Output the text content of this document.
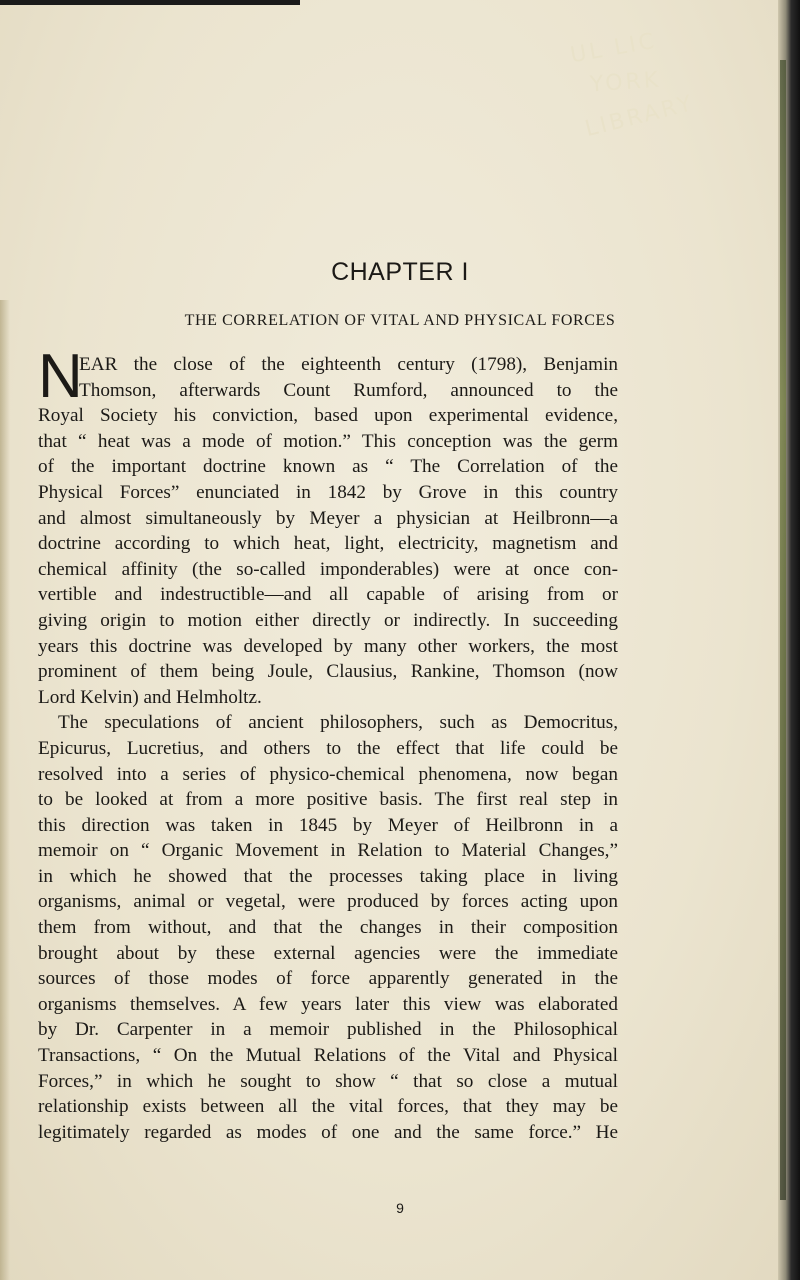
UL LIC
YORK
LIBRARY
CHAPTER I
THE CORRELATION OF VITAL AND PHYSICAL FORCES
N
EAR the close of the eighteenth century (1798), Benjamin
Thomson, afterwards Count Rumford, announced to the
Royal Society his conviction, based upon experimental evidence,
that “ heat was a mode of motion.” This conception was the germ
of the important doctrine known as “ The Correlation of the
Physical Forces” enunciated in 1842 by Grove in this country
and almost simultaneously by Meyer a physician at Heilbronn—a
doctrine according to which heat, light, electricity, magnetism and
chemical affinity (the so-called imponderables) were at once con-
vertible and indestructible—and all capable of arising from or
giving origin to motion either directly or indirectly. In succeeding
years this doctrine was developed by many other workers, the most
prominent of them being Joule, Clausius, Rankine, Thomson (now
Lord Kelvin) and Helmholtz.
The speculations of ancient philosophers, such as Democritus,
Epicurus, Lucretius, and others to the effect that life could be
resolved into a series of physico-chemical phenomena, now began
to be looked at from a more positive basis. The first real step in
this direction was taken in 1845 by Meyer of Heilbronn in a
memoir on “ Organic Movement in Relation to Material Changes,”
in which he showed that the processes taking place in living
organisms, animal or vegetal, were produced by forces acting upon
them from without, and that the changes in their composition
brought about by these external agencies were the immediate
sources of those modes of force apparently generated in the
organisms themselves. A few years later this view was elaborated
by Dr. Carpenter in a memoir published in the Philosophical
Transactions, “ On the Mutual Relations of the Vital and Physical
Forces,” in which he sought to show “ that so close a mutual
relationship exists between all the vital forces, that they may be
legitimately regarded as modes of one and the same force.” He
9
